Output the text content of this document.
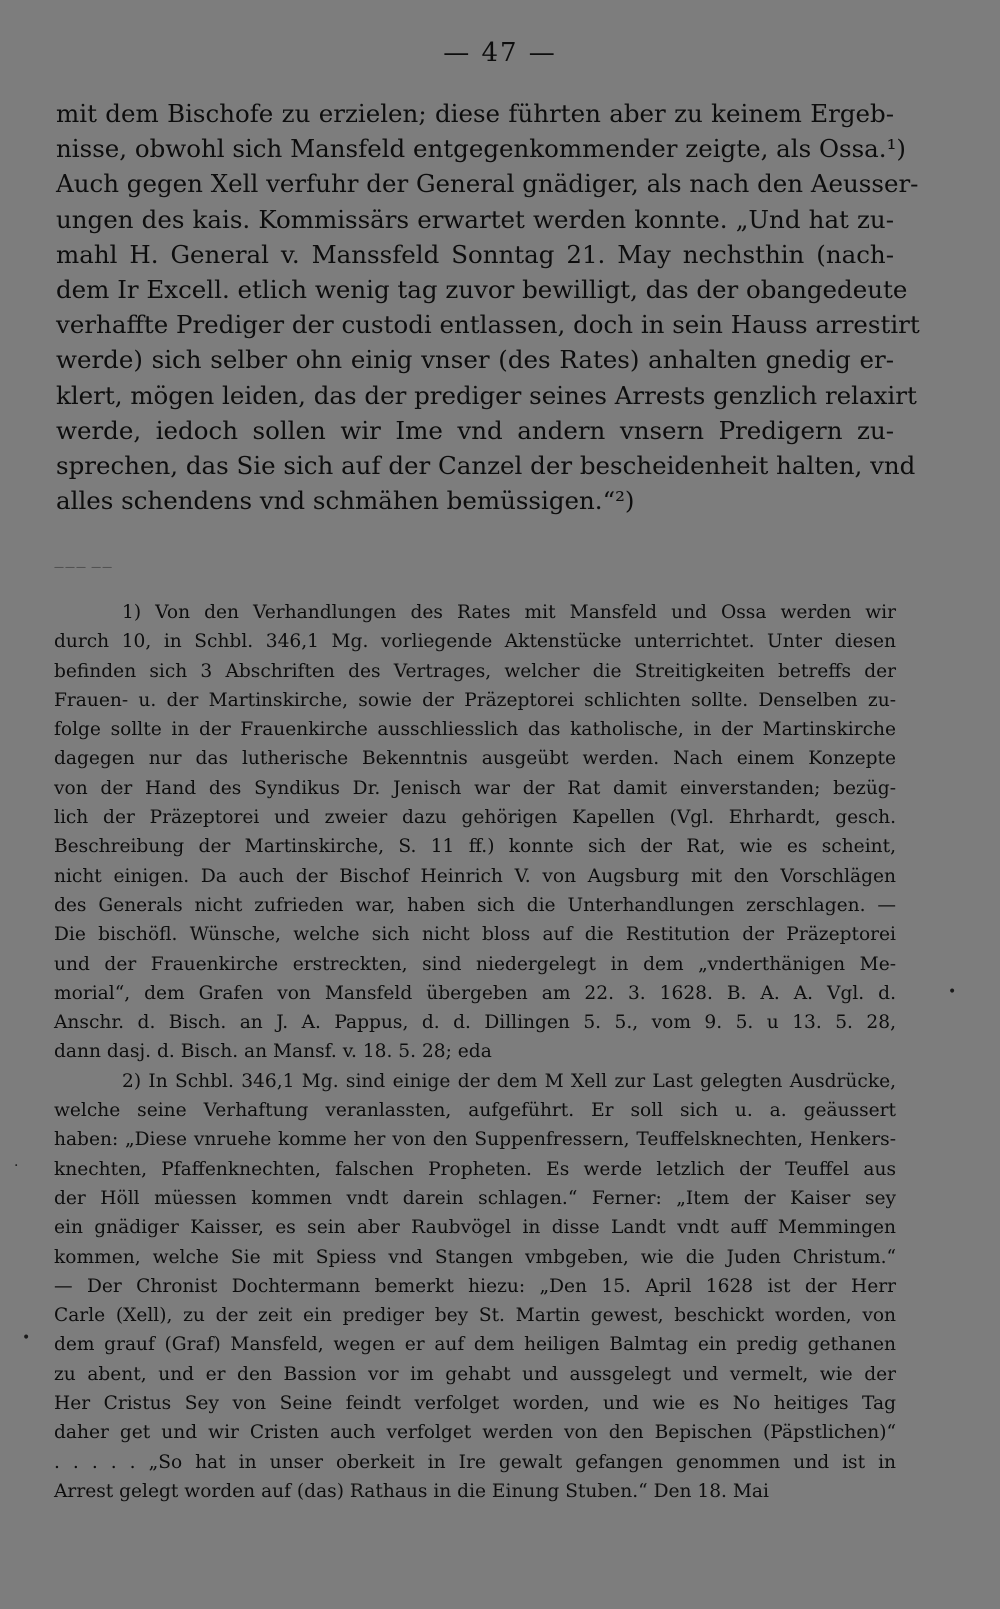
— 47 —
mit dem Bischofe zu erzielen; diese führten aber zu keinem Ergeb-
nisse, obwohl sich Mansfeld entgegenkommender zeigte, als Ossa.¹)
Auch gegen Xell verfuhr der General gnädiger, als nach den Aeusser-
ungen des kais. Kommissärs erwartet werden konnte. „Und hat zu-
mahl H. General v. Manssfeld Sonntag 21. May nechsthin (nach-
dem Ir Excell. etlich wenig tag zuvor bewilligt, das der obangedeute
verhaffte Prediger der custodi entlassen, doch in sein Hauss arrestirt
werde) sich selber ohn einig vnser (des Rates) anhalten gnedig er-
klert, mögen leiden, das der prediger seines Arrests genzlich relaxirt
werde, iedoch sollen wir Ime vnd andern vnsern Predigern zu-
sprechen, das Sie sich auf der Canzel der bescheidenheit halten, vnd
alles schendens vnd schmähen bemüssigen.“²)
——— ——
1) Von den Verhandlungen des Rates mit Mansfeld und Ossa werden wir
durch 10, in Schbl. 346,1 Mg. vorliegende Aktenstücke unterrichtet. Unter diesen
befinden sich 3 Abschriften des Vertrages, welcher die Streitigkeiten betreffs der
Frauen- u. der Martinskirche, sowie der Präzeptorei schlichten sollte. Denselben zu-
folge sollte in der Frauenkirche ausschliesslich das katholische, in der Martinskirche
dagegen nur das lutherische Bekenntnis ausgeübt werden. Nach einem Konzepte
von der Hand des Syndikus Dr. Jenisch war der Rat damit einverstanden; bezüg-
lich der Präzeptorei und zweier dazu gehörigen Kapellen (Vgl. Ehrhardt, gesch.
Beschreibung der Martinskirche, S. 11 ff.) konnte sich der Rat, wie es scheint,
nicht einigen. Da auch der Bischof Heinrich V. von Augsburg mit den Vorschlägen
des Generals nicht zufrieden war, haben sich die Unterhandlungen zerschlagen. —
Die bischöfl. Wünsche, welche sich nicht bloss auf die Restitution der Präzeptorei
und der Frauenkirche erstreckten, sind niedergelegt in dem „vnderthänigen Me-
morial“, dem Grafen von Mansfeld übergeben am 22. 3. 1628. B. A. A. Vgl. d.
Anschr. d. Bisch. an J. A. Pappus, d. d. Dillingen 5. 5., vom 9. 5. u 13. 5. 28,
dann dasj. d. Bisch. an Mansf. v. 18. 5. 28; eda
2) In Schbl. 346,1 Mg. sind einige der dem M Xell zur Last gelegten Ausdrücke,
welche seine Verhaftung veranlassten, aufgeführt. Er soll sich u. a. geäussert
haben: „Diese vnruehe komme her von den Suppenfressern, Teuffelsknechten, Henkers-
knechten, Pfaffenknechten, falschen Propheten. Es werde letzlich der Teuffel aus
der Höll müessen kommen vndt darein schlagen.“ Ferner: „Item der Kaiser sey
ein gnädiger Kaisser, es sein aber Raubvögel in disse Landt vndt auff Memmingen
kommen, welche Sie mit Spiess vnd Stangen vmbgeben, wie die Juden Christum.“
— Der Chronist Dochtermann bemerkt hiezu: „Den 15. April 1628 ist der Herr
Carle (Xell), zu der zeit ein prediger bey St. Martin gewest, beschickt worden, von
dem grauf (Graf) Mansfeld, wegen er auf dem heiligen Balmtag ein predig gethanen
zu abent, und er den Bassion vor im gehabt und aussgelegt und vermelt, wie der
Her Cristus Sey von Seine feindt verfolget worden, und wie es No heitiges Tag
daher get und wir Cristen auch verfolget werden von den Bepischen (Päpstlichen)“
. . . . . „So hat in unser oberkeit in Ire gewalt gefangen genommen und ist in
Arrest gelegt worden auf (das) Rathaus in die Einung Stuben.“ Den 18. Mai
•
·
•
